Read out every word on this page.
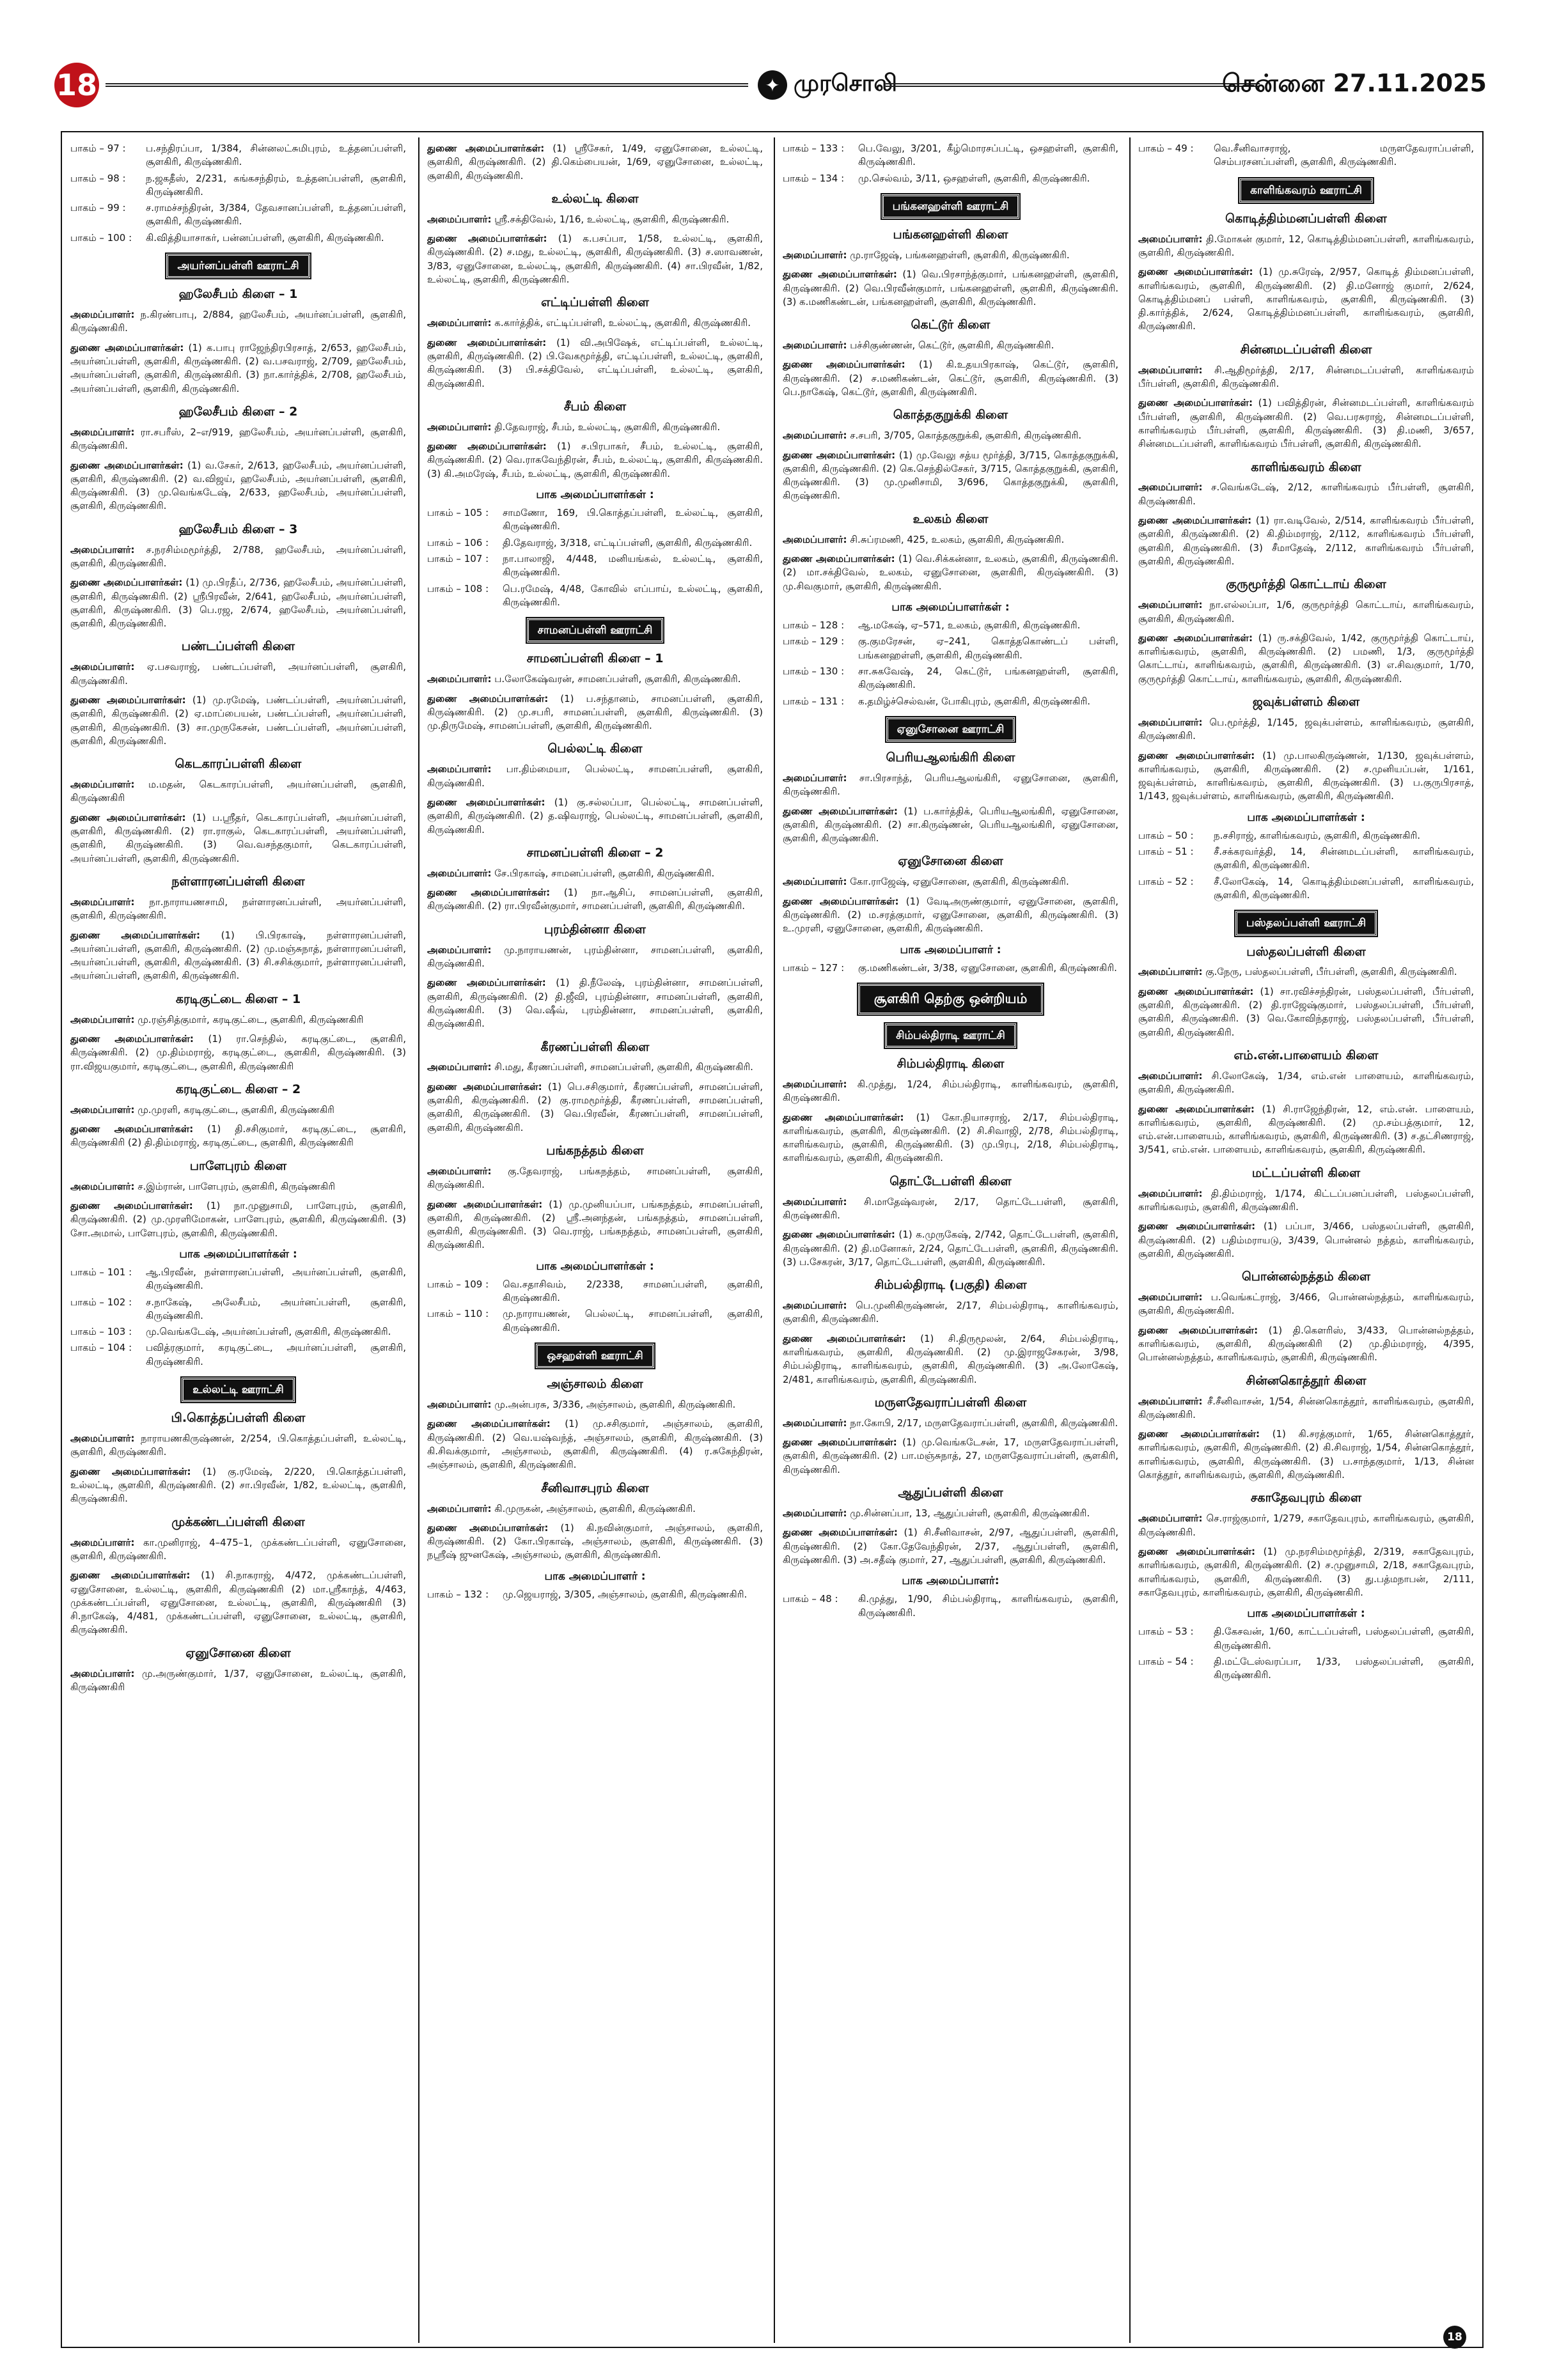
18	✦ முரசொலி	சென்னை 27.11.2025
பாகம் – 97 :	ப.சந்திரப்பா, 1/384, சின்னலட்சுமிபுரம், உத்தனப்பள்ளி, சூளகிரி, கிருஷ்ணகிரி.
பாகம் – 98 :	ந.ஜகதீஸ், 2/231, கங்கசந்திரம், உத்தனப்பள்ளி, சூளகிரி, கிருஷ்ணகிரி.
பாகம் – 99 :	ச.ராமச்சந்திரன், 3/384, தேவசானப்பள்ளி, உத்தனப்பள்ளி, சூளகிரி, கிருஷ்ணகிரி.
பாகம் – 100 :	கி.வித்தியாசாகர், பன்னப்பள்ளி, சூளகிரி, கிருஷ்ணகிரி.
அயர்னப்பள்ளி ஊராட்சி
ஹலேசீபம் கிளை – 1

அமைப்பாளர்: ந.கிரண்பாபு, 2/884, ஹலேசீபம், அயர்னப்பள்ளி, சூளகிரி, கிருஷ்ணகிரி.

துணை அமைப்பாளர்கள்: (1) க.பாபு ராஜேந்திரபிரசாத், 2/653, ஹலேசீபம், அயர்னப்பள்ளி, சூளகிரி, கிருஷ்ணகிரி. (2) வ.பசவராஜ், 2/709, ஹலேசீபம், அயர்னப்பள்ளி, சூளகிரி, கிருஷ்ணகிரி. (3) நா.கார்த்திக், 2/708, ஹலேசீபம், அயர்னப்பள்ளி, சூளகிரி, கிருஷ்ணகிரி.

ஹலேசீபம் கிளை – 2

அமைப்பாளர்: ரா.சபரீஸ், 2–எ/919, ஹலேசீபம், அயர்னப்பள்ளி, சூளகிரி, கிருஷ்ணகிரி.

துணை அமைப்பாளர்கள்: (1) வ.சேகர், 2/613, ஹலேசீபம், அயர்னப்பள்ளி, சூளகிரி, கிருஷ்ணகிரி. (2) வ.விஜய், ஹலேசீபம், அயர்னப்பள்ளி, சூளகிரி, கிருஷ்ணகிரி. (3) மு.வெங்கடேஷ், 2/633, ஹலேசீபம், அயர்னப்பள்ளி, சூளகிரி, கிருஷ்ணகிரி.

ஹலேசீபம் கிளை – 3

அமைப்பாளர்: ச.நரசிம்மமூர்த்தி, 2/788, ஹலேசீபம், அயர்னப்பள்ளி, சூளகிரி, கிருஷ்ணகிரி.

துணை அமைப்பாளர்கள்: (1) மு.பிரதீப், 2/736, ஹலேசீபம், அயர்னப்பள்ளி, சூளகிரி, கிருஷ்ணகிரி. (2) ஸ்ரீபிரவீன், 2/641, ஹலேசீபம், அயர்னப்பள்ளி, சூளகிரி, கிருஷ்ணகிரி. (3) பெ.ரஜ, 2/674, ஹலேசீபம், அயர்னப்பள்ளி, சூளகிரி, கிருஷ்ணகிரி.

பண்டப்பள்ளி கிளை

அமைப்பாளர்: ஏ.பசவராஜ், பண்டப்பள்ளி, அயர்னப்பள்ளி, சூளகிரி, கிருஷ்ணகிரி.

துணை அமைப்பாளர்கள்: (1) மு.ரமேஷ், பண்டப்பள்ளி, அயர்னப்பள்ளி, சூளகிரி, கிருஷ்ணகிரி. (2) ஏ.மாப்பையன், பண்டப்பள்ளி, அயர்னப்பள்ளி, சூளகிரி, கிருஷ்ணகிரி. (3) சா.முருகேசன், பண்டப்பள்ளி, அயர்னப்பள்ளி, சூளகிரி, கிருஷ்ணகிரி.

கெடகாரப்பள்ளி கிளை

அமைப்பாளர்: ம.மதன், கெடகாரப்பள்ளி, அயர்னப்பள்ளி, சூளகிரி, கிருஷ்ணகிரி

துணை அமைப்பாளர்கள்: (1) ப.ஸ்ரீதர், கெடகாரப்பள்ளி, அயர்னப்பள்ளி, சூளகிரி, கிருஷ்ணகிரி. (2) ரா.ராகுல், கெடகாரப்பள்ளி, அயர்னப்பள்ளி, சூளகிரி, கிருஷ்ணகிரி. (3) வெ.வசந்தகுமார், கெடகாரப்பள்ளி, அயர்னப்பள்ளி, சூளகிரி, கிருஷ்ணகிரி.

நள்ளாரனப்பள்ளி கிளை

அமைப்பாளர்: நா.நாராயணசாமி, நள்ளாரனப்பள்ளி, அயர்னப்பள்ளி, சூளகிரி, கிருஷ்ணகிரி.

துணை அமைப்பாளர்கள்: (1) பி.பிரகாஷ், நள்ளாரனப்பள்ளி, அயர்னப்பள்ளி, சூளகிரி, கிருஷ்ணகிரி. (2) மு.மஞ்சுநாத், நள்ளாரனப்பள்ளி, அயர்னப்பள்ளி, சூளகிரி, கிருஷ்ணகிரி. (3) சி.சசிக்குமார், நள்ளாரனப்பள்ளி, அயர்னப்பள்ளி, சூளகிரி, கிருஷ்ணகிரி.

கரடிகுட்டை கிளை – 1

அமைப்பாளர்: மு.ரஞ்சித்குமார், கரடிகுட்டை, சூளகிரி, கிருஷ்ணகிரி

துணை அமைப்பாளர்கள்: (1) ரா.செந்தில், கரடிகுட்டை, சூளகிரி, கிருஷ்ணகிரி. (2) மு.திம்மராஜ், கரடிகுட்டை, சூளகிரி, கிருஷ்ணகிரி. (3) ரா.விஜயகுமார், கரடிகுட்டை, சூளகிரி, கிருஷ்ணகிரி

கரடிகுட்டை கிளை – 2

அமைப்பாளர்: மு.முரளி, கரடிகுட்டை, சூளகிரி, கிருஷ்ணகிரி

துணை அமைப்பாளர்கள்: (1) தி.சசிகுமார், கரடிகுட்டை, சூளகிரி, கிருஷ்ணகிரி (2) தி.திம்மராஜ், கரடிகுட்டை, சூளகிரி, கிருஷ்ணகிரி

பாளேபுரம் கிளை

அமைப்பாளர்: ச.இம்ரான், பாளேபுரம், சூளகிரி, கிருஷ்ணகிரி

துணை அமைப்பாளர்கள்: (1) நா.முனுசாமி, பாளேபுரம், சூளகிரி, கிருஷ்ணகிரி. (2) மு.முரளிமோகன், பாளேபுரம், சூளகிரி, கிருஷ்ணகிரி. (3) சோ.அமால், பாளேபுரம், சூளகிரி, கிருஷ்ணகிரி.

பாக அமைப்பாளர்கள் :
பாகம் – 101 :	ஆ.பிரவீன், நள்ளாரனப்பள்ளி, அயர்னப்பள்ளி, சூளகிரி, கிருஷ்ணகிரி.
பாகம் – 102 :	ச.நாகேஷ், அலேசீபம், அயர்னப்பள்ளி, சூளகிரி, கிருஷ்ணகிரி.
பாகம் – 103 :	மு.வெங்கடேஷ், அயர்னப்பள்ளி, சூளகிரி, கிருஷ்ணகிரி.
பாகம் – 104 :	பவித்ரகுமார், கரடிகுட்டை, அயர்னப்பள்ளி, சூளகிரி, கிருஷ்ணகிரி.
உல்லட்டி ஊராட்சி
பி.கொத்தப்பள்ளி கிளை

அமைப்பாளர்: நாராயணகிருஷ்ணன், 2/254, பி.கொத்தப்பள்ளி, உல்லட்டி, சூளகிரி, கிருஷ்ணகிரி.

துணை அமைப்பாளர்கள்: (1) கு.ரமேஷ், 2/220, பி.கொத்தப்பள்ளி, உல்லட்டி, சூளகிரி, கிருஷ்ணகிரி. (2) சா.பிரவீன், 1/82, உல்லட்டி, சூளகிரி, கிருஷ்ணகிரி.

முக்கண்டப்பள்ளி கிளை

அமைப்பாளர்: கா.முனிராஜ், 4–475–1, முக்கண்டப்பள்ளி, ஏனுசோனை, சூளகிரி, கிருஷ்ணகிரி.

துணை அமைப்பாளர்கள்: (1) சி.நாகராஜ், 4/472, முக்கண்டப்பள்ளி, ஏனுசோனை, உல்லட்டி, சூளகிரி, கிருஷ்ணகிரி (2) மா.ஸ்ரீகாந்த், 4/463, முக்கண்டப்பள்ளி, ஏனுசோனை, உல்லட்டி, சூளகிரி, கிருஷ்ணகிரி (3) சி.நாகேஷ், 4/481, முக்கண்டப்பள்ளி, ஏனுசோனை, உல்லட்டி, சூளகிரி, கிருஷ்ணகிரி.

ஏனுசோனை கிளை

அமைப்பாளர்: மு.அருண்குமார், 1/37, ஏனுசோனை, உல்லட்டி, சூளகிரி, கிருஷ்ணகிரி

துணை அமைப்பாளர்கள்: (1) ஸ்ரீசேகர், 1/49, ஏனுசோனை, உல்லட்டி, சூளகிரி, கிருஷ்ணகிரி. (2) தி.கெம்பையன், 1/69, ஏனுசோனை, உல்லட்டி, சூளகிரி, கிருஷ்ணகிரி.

உல்லட்டி கிளை

அமைப்பாளர்: ஸ்ரீ.சக்திவேல், 1/16, உல்லட்டி, சூளகிரி, கிருஷ்ணகிரி.

துணை அமைப்பாளர்கள்: (1) க.பசப்பா, 1/58, உல்லட்டி, சூளகிரி, கிருஷ்ணகிரி. (2) ச.மது, உல்லட்டி, சூளகிரி, கிருஷ்ணகிரி. (3) ச.ஸாவணன், 3/83, ஏனுசோனை, உல்லட்டி, சூளகிரி, கிருஷ்ணகிரி. (4) சா.பிரவீன், 1/82, உல்லட்டி, சூளகிரி, கிருஷ்ணகிரி.

எட்டிப்பள்ளி கிளை

அமைப்பாளர்: க.கார்த்திக், எட்டிப்பள்ளி, உல்லட்டி, சூளகிரி, கிருஷ்ணகிரி.

துணை அமைப்பாளர்கள்: (1) வி.அபிஷேக், எட்டிப்பள்ளி, உல்லட்டி, சூளகிரி, கிருஷ்ணகிரி. (2) பி.வேகமூர்த்தி, எட்டிப்பள்ளி, உல்லட்டி, சூளகிரி, கிருஷ்ணகிரி. (3) பி.சக்திவேல், எட்டிப்பள்ளி, உல்லட்டி, சூளகிரி, கிருஷ்ணகிரி.

சீபம் கிளை

அமைப்பாளர்: தி.தேவராஜ், சீபம், உல்லட்டி, சூளகிரி, கிருஷ்ணகிரி.

துணை அமைப்பாளர்கள்: (1) ச.பிரபாகர், சீபம், உல்லட்டி, சூளகிரி, கிருஷ்ணகிரி. (2) வெ.ராகவேந்திரன், சீபம், உல்லட்டி, சூளகிரி, கிருஷ்ணகிரி. (3) கி.அமரேஷ், சீபம், உல்லட்டி, சூளகிரி, கிருஷ்ணகிரி.

பாக அமைப்பாளர்கள் :
பாகம் – 105 :	சாமணோ, 169, பி.கொத்தப்பள்ளி, உல்லட்டி, சூளகிரி, கிருஷ்ணகிரி.
பாகம் – 106 :	தி.தேவராஜ், 3/318, எட்டிப்பள்ளி, சூளகிரி, கிருஷ்ணகிரி.
பாகம் – 107 :	நா.பாலாஜி, 4/448, மனியங்கல், உல்லட்டி, சூளகிரி, கிருஷ்ணகிரி.
பாகம் – 108 :	பெ.ரமேஷ், 4/48, கோவில் எப்பாய், உல்லட்டி, சூளகிரி, கிருஷ்ணகிரி.
சாமனப்பள்ளி ஊராட்சி
சாமனப்பள்ளி கிளை – 1

அமைப்பாளர்: ப.லோகேஷ்வரன், சாமனப்பள்ளி, சூளகிரி, கிருஷ்ணகிரி.

துணை அமைப்பாளர்கள்: (1) ப.சந்தானம், சாமனப்பள்ளி, சூளகிரி, கிருஷ்ணகிரி. (2) மு.சபரி, சாமனப்பள்ளி, சூளகிரி, கிருஷ்ணகிரி. (3) மு.திருமேஷ், சாமனப்பள்ளி, சூளகிரி, கிருஷ்ணகிரி.

பெல்லட்டி கிளை

அமைப்பாளர்: பா.திம்மையா, பெல்லட்டி, சாமனப்பள்ளி, சூளகிரி, கிருஷ்ணகிரி.

துணை அமைப்பாளர்கள்: (1) கு.சல்லப்பா, பெல்லட்டி, சாமனப்பள்ளி, சூளகிரி, கிருஷ்ணகிரி. (2) த.ஷிவராஜ், பெல்லட்டி, சாமனப்பள்ளி, சூளகிரி, கிருஷ்ணகிரி.

சாமனப்பள்ளி கிளை – 2

அமைப்பாளர்: சே.பிரகாஷ், சாமனப்பள்ளி, சூளகிரி, கிருஷ்ணகிரி.

துணை அமைப்பாளர்கள்: (1) நா.ஆசிப், சாமனப்பள்ளி, சூளகிரி, கிருஷ்ணகிரி. (2) ரா.பிரவீன்குமார், சாமனப்பள்ளி, சூளகிரி, கிருஷ்ணகிரி.

புரம்தின்னா கிளை

அமைப்பாளர்: மு.நாராயணன், புரம்தின்னா, சாமனப்பள்ளி, சூளகிரி, கிருஷ்ணகிரி.

துணை அமைப்பாளர்கள்: (1) தி.நீலேஷ், புரம்தின்னா, சாமனப்பள்ளி, சூளகிரி, கிருஷ்ணகிரி. (2) தி.ஜீவி, புரம்தின்னா, சாமனப்பள்ளி, சூளகிரி, கிருஷ்ணகிரி. (3) வெ.ஷீவ், புரம்தின்னா, சாமனப்பள்ளி, சூளகிரி, கிருஷ்ணகிரி.

கீரணப்பள்ளி கிளை

அமைப்பாளர்: சி.மது, கீரணப்பள்ளி, சாமனப்பள்ளி, சூளகிரி, கிருஷ்ணகிரி.

துணை அமைப்பாளர்கள்: (1) பெ.சசிகுமார், கீரணப்பள்ளி, சாமனப்பள்ளி, சூளகிரி, கிருஷ்ணகிரி. (2) கு.ராமமூர்த்தி, கீரணப்பள்ளி, சாமனப்பள்ளி, சூளகிரி, கிருஷ்ணகிரி. (3) வெ.பிரவீன், கீரணப்பள்ளி, சாமனப்பள்ளி, சூளகிரி, கிருஷ்ணகிரி.

பங்கநத்தம் கிளை

அமைப்பாளர்: கு.தேவராஜ், பங்கநத்தம், சாமனப்பள்ளி, சூளகிரி, கிருஷ்ணகிரி.

துணை அமைப்பாளர்கள்: (1) மு.முனியப்பா, பங்கநத்தம், சாமனப்பள்ளி, சூளகிரி, கிருஷ்ணகிரி. (2) ஸ்ரீ.அனந்தன், பங்கநத்தம், சாமனப்பள்ளி, சூளகிரி, கிருஷ்ணகிரி. (3) வெ.ராஜ், பங்கநத்தம், சாமனப்பள்ளி, சூளகிரி, கிருஷ்ணகிரி.

பாக அமைப்பாளர்கள் :
பாகம் – 109 :	வெ.சதாசிவம், 2/2338, சாமனப்பள்ளி, சூளகிரி, கிருஷ்ணகிரி.
பாகம் – 110 :	மு.நாராயணன், பெல்லட்டி, சாமனப்பள்ளி, சூளகிரி, கிருஷ்ணகிரி.
ஒசஹள்ளி ஊராட்சி
அஞ்சாலம் கிளை

அமைப்பாளர்: மு.அன்பரசு, 3/336, அஞ்சாலம், சூளகிரி, கிருஷ்ணகிரி.

துணை அமைப்பாளர்கள்: (1) மு.சசிகுமார், அஞ்சாலம், சூளகிரி, கிருஷ்ணகிரி. (2) வெ.யஷ்வந்த், அஞ்சாலம், சூளகிரி, கிருஷ்ணகிரி. (3) கி.சிவக்குமார், அஞ்சாலம், சூளகிரி, கிருஷ்ணகிரி. (4) ர.சுகேந்திரன், அஞ்சாலம், சூளகிரி, கிருஷ்ணகிரி.

சீனிவாசபுரம் கிளை

அமைப்பாளர்: கி.முருகன், அஞ்சாலம், சூளகிரி, கிருஷ்ணகிரி.

துணை அமைப்பாளர்கள்: (1) கி.நவின்குமார், அஞ்சாலம், சூளகிரி, கிருஷ்ணகிரி. (2) கோ.பிரகாஷ், அஞ்சாலம், சூளகிரி, கிருஷ்ணகிரி. (3) நஸ்ரீஷ் ஜுனகேஷ், அஞ்சாலம், சூளகிரி, கிருஷ்ணகிரி.

பாக அமைப்பாளர் :
பாகம் – 132 :	மு.ஜெயராஜ், 3/305, அஞ்சாலம், சூளகிரி, கிருஷ்ணகிரி.
பாகம் – 133 :	பெ.வேலு, 3/201, கீழ்மொரசப்பட்டி, ஒசஹள்ளி, சூளகிரி, கிருஷ்ணகிரி.
பாகம் – 134 :	மு.செல்வம், 3/11, ஒசஹள்ளி, சூளகிரி, கிருஷ்ணகிரி.
பங்கனஹள்ளி ஊராட்சி
பங்கனஹள்ளி கிளை

அமைப்பாளர்: மு.ராஜேஷ், பங்கனஹள்ளி, சூளகிரி, கிருஷ்ணகிரி.

துணை அமைப்பாளர்கள்: (1) வெ.பிரசாந்த்குமார், பங்கனஹள்ளி, சூளகிரி, கிருஷ்ணகிரி. (2) வெ.பிரவீன்குமார், பங்கனஹள்ளி, சூளகிரி, கிருஷ்ணகிரி. (3) க.மணிகண்டன், பங்கனஹள்ளி, சூளகிரி, கிருஷ்ணகிரி.

கெட்டூர் கிளை

அமைப்பாளர்: பச்சிகுண்ணன், கெட்டூர், சூளகிரி, கிருஷ்ணகிரி.

துணை அமைப்பாளர்கள்: (1) கி.உதயபிரகாஷ், கெட்டூர், சூளகிரி, கிருஷ்ணகிரி. (2) ச.மணிகண்டன், கெட்டூர், சூளகிரி, கிருஷ்ணகிரி. (3) பெ.நாகேஷ், கெட்டூர், சூளகிரி, கிருஷ்ணகிரி.

கொத்தகுறுக்கி கிளை

அமைப்பாளர்: ச.சபரி, 3/705, கொத்தகுறுக்கி, சூளகிரி, கிருஷ்ணகிரி.

துணை அமைப்பாளர்கள்: (1) மு.வேலு சத்ய மூர்த்தி, 3/715, கொத்தகுறுக்கி, சூளகிரி, கிருஷ்ணகிரி. (2) கெ.செந்தில்சேகர், 3/715, கொத்தகுறுக்கி, சூளகிரி, கிருஷ்ணகிரி. (3) மு.முனிசாமி, 3/696, கொத்தகுறுக்கி, சூளகிரி, கிருஷ்ணகிரி.

உலகம் கிளை

அமைப்பாளர்: சி.சுப்ரமணி, 425, உலகம், சூளகிரி, கிருஷ்ணகிரி.

துணை அமைப்பாளர்கள்: (1) வெ.சிக்கன்னா, உலகம், சூளகிரி, கிருஷ்ணகிரி. (2) மா.சக்திவேல், உலகம், ஏனுசோனை, சூளகிரி, கிருஷ்ணகிரி. (3) மு.சிவகுமார், சூளகிரி, கிருஷ்ணகிரி.

பாக அமைப்பாளர்கள் :
பாகம் – 128 :	ஆ.மகேஷ், ஏ–571, உலகம், சூளகிரி, கிருஷ்ணகிரி.
பாகம் – 129 :	கு.குமரேசன், ஏ–241, கொத்தகொண்டப் பள்ளி, பங்கனஹள்ளி, சூளகிரி, கிருஷ்ணகிரி.
பாகம் – 130 :	சா.சுகவேஷ், 24, கெட்டூர், பங்கனஹள்ளி, சூளகிரி, கிருஷ்ணகிரி.
பாகம் – 131 :	க.தமிழ்ச்செல்வன், போகிபுரம், சூளகிரி, கிருஷ்ணகிரி.
ஏனுசோனை ஊராட்சி
பெரியஆலங்கிரி கிளை

அமைப்பாளர்: சா.பிரசாந்த், பெரியஆலங்கிரி, ஏனுசோனை, சூளகிரி, கிருஷ்ணகிரி.

துணை அமைப்பாளர்கள்: (1) ப.கார்த்திக், பெரியஆலங்கிரி, ஏனுசோனை, சூளகிரி, கிருஷ்ணகிரி. (2) சா.கிருஷ்ணன், பெரியஆலங்கிரி, ஏனுசோனை, சூளகிரி, கிருஷ்ணகிரி.

ஏனுசோனை கிளை

அமைப்பாளர்: கோ.ராஜேஷ், ஏனுசோனை, சூளகிரி, கிருஷ்ணகிரி.

துணை அமைப்பாளர்கள்: (1) வேடிஅருண்குமார், ஏனுசோனை, சூளகிரி, கிருஷ்ணகிரி. (2) ம.சரத்குமார், ஏனுசோனை, சூளகிரி, கிருஷ்ணகிரி. (3) உ.முரளி, ஏனுசோனை, சூளகிரி, கிருஷ்ணகிரி.

பாக அமைப்பாளர் :
பாகம் – 127 :	கு.மணிகண்டன், 3/38, ஏனுசோனை, சூளகிரி, கிருஷ்ணகிரி.
சூளகிரி தெற்கு ஒன்றியம்
சிம்பல்திராடி ஊராட்சி
சிம்பல்திராடி கிளை

அமைப்பாளர்: கி.முத்து, 1/24, சிம்பல்திராடி, காளிங்கவரம், சூளகிரி, கிருஷ்ணகிரி.

துணை அமைப்பாளர்கள்: (1) கோ.நியாசராஜ், 2/17, சிம்பல்திராடி, காளிங்கவரம், சூளகிரி, கிருஷ்ணகிரி. (2) சி.சிவாஜி, 2/78, சிம்பல்திராடி, காளிங்கவரம், சூளகிரி, கிருஷ்ணகிரி. (3) மு.பிரபு, 2/18, சிம்பல்திராடி, காளிங்கவரம், சூளகிரி, கிருஷ்ணகிரி.

தொட்டேபள்ளி கிளை

அமைப்பாளர்: சி.மாதேஷ்வரன், 2/17, தொட்டேபள்ளி, சூளகிரி, கிருஷ்ணகிரி.

துணை அமைப்பாளர்கள்: (1) க.முருகேஷ், 2/742, தொட்டேபள்ளி, சூளகிரி, கிருஷ்ணகிரி. (2) தி.மனோகர், 2/24, தொட்டேபள்ளி, சூளகிரி, கிருஷ்ணகிரி. (3) ப.சேகரன், 3/17, தொட்டேபள்ளி, சூளகிரி, கிருஷ்ணகிரி.

சிம்பல்திராடி (பகுதி) கிளை

அமைப்பாளர்: பெ.முனிகிருஷ்ணன், 2/17, சிம்பல்திராடி, காளிங்கவரம், சூளகிரி, கிருஷ்ணகிரி.

துணை அமைப்பாளர்கள்: (1) சி.திருமூலன், 2/64, சிம்பல்திராடி, காளிங்கவரம், சூளகிரி, கிருஷ்ணகிரி. (2) மு.இராஜசேகரன், 3/98, சிம்பல்திராடி, காளிங்கவரம், சூளகிரி, கிருஷ்ணகிரி. (3) அ.லோகேஷ், 2/481, காளிங்கவரம், சூளகிரி, கிருஷ்ணகிரி.

மருளதேவராப்பள்ளி கிளை

அமைப்பாளர்: நா.கோபி, 2/17, மருளதேவராப்பள்ளி, சூளகிரி, கிருஷ்ணகிரி.

துணை அமைப்பாளர்கள்: (1) மு.வெங்கடேசன், 17, மருளதேவராப்பள்ளி, சூளகிரி, கிருஷ்ணகிரி. (2) பா.மஞ்சுநாத், 27, மருளதேவராப்பள்ளி, சூளகிரி, கிருஷ்ணகிரி.

ஆதுப்பள்ளி கிளை

அமைப்பாளர்: மு.சின்னப்பா, 13, ஆதுப்பள்ளி, சூளகிரி, கிருஷ்ணகிரி.

துணை அமைப்பாளர்கள்: (1) சி.சீனிவாசன், 2/97, ஆதுப்பள்ளி, சூளகிரி, கிருஷ்ணகிரி. (2) கோ.தேவேந்திரன், 2/37, ஆதுப்பள்ளி, சூளகிரி, கிருஷ்ணகிரி. (3) அ.சதீஷ் குமார், 27, ஆதுப்பள்ளி, சூளகிரி, கிருஷ்ணகிரி.

பாக அமைப்பாளர்:
பாகம் – 48 :	கி.முத்து, 1/90, சிம்பல்திராடி, காளிங்கவரம், சூளகிரி, கிருஷ்ணகிரி.
பாகம் – 49 :	வெ.சீனிவாசராஜ், மருளதேவராப்பள்ளி, செம்பரசனப்பள்ளி, சூளகிரி, கிருஷ்ணகிரி.
காளிங்கவரம் ஊராட்சி
கொடித்திம்மனப்பள்ளி கிளை

அமைப்பாளர்: தி.மோகன் குமார், 12, கொடித்திம்மனப்பள்ளி, காளிங்கவரம், சூளகிரி, கிருஷ்ணகிரி.

துணை அமைப்பாளர்கள்: (1) மு.சுரேஷ், 2/957, கொடித் திம்மனப்பள்ளி, காளிங்கவரம், சூளகிரி, கிருஷ்ணகிரி. (2) தி.மனோஜ் குமார், 2/624, கொடித்திம்மனப் பள்ளி, காளிங்கவரம், சூளகிரி, கிருஷ்ணகிரி. (3) தி.கார்த்திக், 2/624, கொடித்திம்மனப்பள்ளி, காளிங்கவரம், சூளகிரி, கிருஷ்ணகிரி.

சின்னமடப்பள்ளி கிளை

அமைப்பாளர்: சி.ஆதிமூர்த்தி, 2/17, சின்னமடப்பள்ளி, காளிங்கவரம் பீர்பள்ளி, சூளகிரி, கிருஷ்ணகிரி.

துணை அமைப்பாளர்கள்: (1) பவித்திரன், சின்னமடப்பள்ளி, காளிங்கவரம் பீர்பள்ளி, சூளகிரி, கிருஷ்ணகிரி. (2) வெ.பரசுராஜ், சின்னமடப்பள்ளி, காளிங்கவரம் பீர்பள்ளி, சூளகிரி, கிருஷ்ணகிரி. (3) தி.மணி, 3/657, சின்னமடப்பள்ளி, காளிங்கவரம் பீர்பள்ளி, சூளகிரி, கிருஷ்ணகிரி.

காளிங்கவரம் கிளை

அமைப்பாளர்: ச.வெங்கடேஷ், 2/12, காளிங்கவரம் பீர்பள்ளி, சூளகிரி, கிருஷ்ணகிரி.

துணை அமைப்பாளர்கள்: (1) ரா.வடிவேல், 2/514, காளிங்கவரம் பீர்பள்ளி, சூளகிரி, கிருஷ்ணகிரி. (2) கி.திம்மராஜ், 2/112, காளிங்கவரம் பீர்பள்ளி, சூளகிரி, கிருஷ்ணகிரி. (3) சீமாதேஷ், 2/112, காளிங்கவரம் பீர்பள்ளி, சூளகிரி, கிருஷ்ணகிரி.

குருமூர்த்தி கொட்டாய் கிளை

அமைப்பாளர்: நா.எல்லப்பா, 1/6, குருமூர்த்தி கொட்டாய், காளிங்கவரம், சூளகிரி, கிருஷ்ணகிரி.

துணை அமைப்பாளர்கள்: (1) ரு.சக்திவேல், 1/42, குருமூர்த்தி கொட்டாய், காளிங்கவரம், சூளகிரி, கிருஷ்ணகிரி. (2) பமணி, 1/3, குருமூர்த்தி கொட்டாய், காளிங்கவரம், சூளகிரி, கிருஷ்ணகிரி. (3) எ.சிவகுமார், 1/70, குருமூர்த்தி கொட்டாய், காளிங்கவரம், சூளகிரி, கிருஷ்ணகிரி.

ஜவுக்பள்ளம் கிளை

அமைப்பாளர்: பெ.மூர்த்தி, 1/145, ஜவுக்பள்ளம், காளிங்கவரம், சூளகிரி, கிருஷ்ணகிரி.

துணை அமைப்பாளர்கள்: (1) மு.பாலகிருஷ்ணன், 1/130, ஜவுக்பள்ளம், காளிங்கவரம், சூளகிரி, கிருஷ்ணகிரி. (2) ச.முனியப்பன், 1/161, ஜவுக்பள்ளம், காளிங்கவரம், சூளகிரி, கிருஷ்ணகிரி. (3) ப.குருபிரசாத், 1/143, ஜவுக்பள்ளம், காளிங்கவரம், சூளகிரி, கிருஷ்ணகிரி.

பாக அமைப்பாளர்கள் :
பாகம் – 50 :	ந.சசிராஜ், காளிங்கவரம், சூளகிரி, கிருஷ்ணகிரி.
பாகம் – 51 :	சீ.சக்கரவர்த்தி, 14, சின்னமடப்பள்ளி, காளிங்கவரம், சூளகிரி, கிருஷ்ணகிரி.
பாகம் – 52 :	சீ.லோகேஷ், 14, கொடித்திம்மனப்பள்ளி, காளிங்கவரம், சூளகிரி, கிருஷ்ணகிரி.
பஸ்தலப்பள்ளி ஊராட்சி
பஸ்தலப்பள்ளி கிளை

அமைப்பாளர்: கு.நேரு, பஸ்தலப்பள்ளி, பீர்பள்ளி, சூளகிரி, கிருஷ்ணகிரி.

துணை அமைப்பாளர்கள்: (1) சா.ரவிச்சந்திரன், பஸ்தலப்பள்ளி, பீர்பள்ளி, சூளகிரி, கிருஷ்ணகிரி. (2) தி.ராஜேஷ்குமார், பஸ்தலப்பள்ளி, பீர்பள்ளி, சூளகிரி, கிருஷ்ணகிரி. (3) வெ.கோவிந்தராஜ், பஸ்தலப்பள்ளி, பீர்பள்ளி, சூளகிரி, கிருஷ்ணகிரி.

எம்.என்.பாளையம் கிளை

அமைப்பாளர்: சி.லோகேஷ், 1/34, எம்.என் பாளையம், காளிங்கவரம், சூளகிரி, கிருஷ்ணகிரி.

துணை அமைப்பாளர்கள்: (1) சி.ராஜேந்திரன், 12, எம்.என். பாளையம், காளிங்கவரம், சூளகிரி, கிருஷ்ணகிரி. (2) மு.சம்பத்குமார், 12, எம்.என்.பாளையம், காளிங்கவரம், சூளகிரி, கிருஷ்ணகிரி. (3) ச.தட்சிணராஜ், 3/541, எம்.என். பாளையம், காளிங்கவரம், சூளகிரி, கிருஷ்ணகிரி.

மட்டப்பள்ளி கிளை

அமைப்பாளர்: தி.திம்மராஜ், 1/174, கிட்டப்பனப்பள்ளி, பஸ்தலப்பள்ளி, காளிங்கவரம், சூளகிரி, கிருஷ்ணகிரி.

துணை அமைப்பாளர்கள்: (1) பப்பா, 3/466, பஸ்தலப்பள்ளி, சூளகிரி, கிருஷ்ணகிரி. (2) பதிம்மராயடு, 3/439, பொன்னல் நத்தம், காளிங்கவரம், சூளகிரி, கிருஷ்ணகிரி.

பொன்னல்நத்தம் கிளை

அமைப்பாளர்: ப.வெங்கட்ராஜ், 3/466, பொன்னல்நத்தம், காளிங்கவரம், சூளகிரி, கிருஷ்ணகிரி.

துணை அமைப்பாளர்கள்: (1) தி.கௌரிஸ், 3/433, பொன்னல்நத்தம், காளிங்கவரம், சூளகிரி, கிருஷ்ணகிரி (2) மு.திம்மராஜ், 4/395, பொன்னல்நத்தம், காளிங்கவரம், சூளகிரி, கிருஷ்ணகிரி.

சின்னகொத்தூர் கிளை

அமைப்பாளர்: சீ.சீனிவாசன், 1/54, சின்னகொத்தூர், காளிங்கவரம், சூளகிரி, கிருஷ்ணகிரி.

துணை அமைப்பாளர்கள்: (1) கி.சரத்குமார், 1/65, சின்னகொத்தூர், காளிங்கவரம், சூளகிரி, கிருஷ்ணகிரி. (2) கி.சிவராஜ், 1/54, சின்னகொத்தூர், காளிங்கவரம், சூளகிரி, கிருஷ்ணகிரி. (3) ப.சாந்தகுமார், 1/13, சின்ன கொத்தூர், காளிங்கவரம், சூளகிரி, கிருஷ்ணகிரி.

சகாதேவபுரம் கிளை

அமைப்பாளர்: செ.ராஜ்குமார், 1/279, சகாதேவபுரம், காளிங்கவரம், சூளகிரி, கிருஷ்ணகிரி.

துணை அமைப்பாளர்கள்: (1) மு.நரசிம்மமூர்த்தி, 2/319, சகாதேவபுரம், காளிங்கவரம், சூளகிரி, கிருஷ்ணகிரி. (2) ச.முனுசாமி, 2/18, சகாதேவபுரம், காளிங்கவரம், சூளகிரி, கிருஷ்ணகிரி. (3) து.பத்மநாபன், 2/111, சகாதேவபுரம், காளிங்கவரம், சூளகிரி, கிருஷ்ணகிரி.

பாக அமைப்பாளர்கள் :
பாகம் – 53 :	தி.கேசவன், 1/60, காட்டப்பள்ளி, பஸ்தலப்பள்ளி, சூளகிரி, கிருஷ்ணகிரி.
பாகம் – 54 :	தி.மட்டேஸ்வரப்பா, 1/33, பஸ்தலப்பள்ளி, சூளகிரி, கிருஷ்ணகிரி.
18
